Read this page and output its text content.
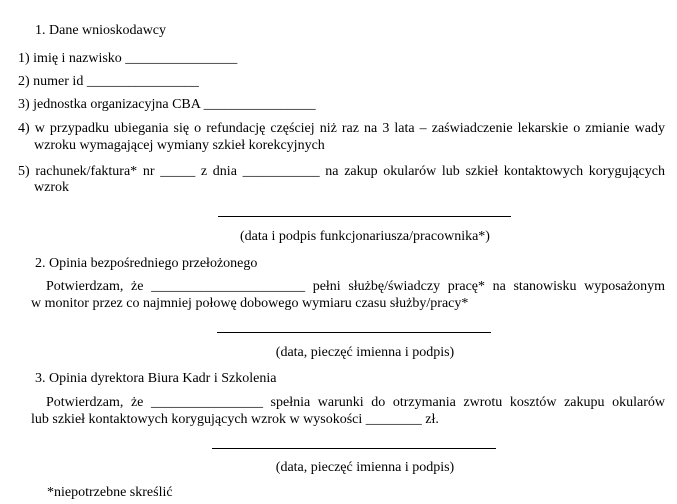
1. Dane wnioskodawcy
1) imię i nazwisko ________________
2) numer id ________________
3) jednostka organizacyjna CBA ________________
4) w przypadku ubiegania się o refundację częściej niż raz na 3 lata – zaświadczenie lekarskie o zmianie wady
wzroku wymagającej wymiany szkieł korekcyjnych
5) rachunek/faktura* nr _____ z dnia ___________ na zakup okularów lub szkieł kontaktowych korygujących
wzrok
(data i podpis funkcjonariusza/pracownika*)
2. Opinia bezpośredniego przełożonego
Potwierdzam, że ______________________ pełni służbę/świadczy pracę* na stanowisku wyposażonym
w monitor przez co najmniej połowę dobowego wymiaru czasu służby/pracy*
(data, pieczęć imienna i podpis)
3. Opinia dyrektora Biura Kadr i Szkolenia
Potwierdzam, że ________________ spełnia warunki do otrzymania zwrotu kosztów zakupu okularów
lub szkieł kontaktowych korygujących wzrok w wysokości ________ zł.
(data, pieczęć imienna i podpis)
*niepotrzebne skreślić
